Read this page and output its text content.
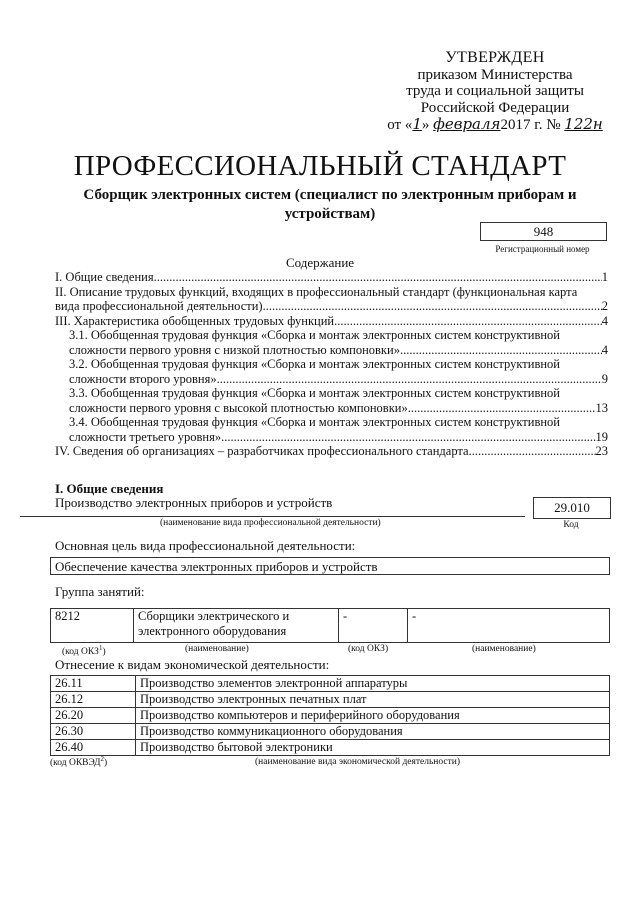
УТВЕРЖДЕН
приказом Министерства
труда и социальной защиты
Российской Федерации
от «1» февраля2017 г. № 122н
ПРОФЕССИОНАЛЬНЫЙ СТАНДАРТ
Сборщик электронных систем (специалист по электронным приборам и устройствам)
948
Регистрационный номер
Содержание
I. Общие сведения .....	1
II. Описание трудовых функций, входящих в профессиональный стандарт (функциональная карта
вида профессиональной деятельности) .....	2
III. Характеристика обобщенных трудовых функций .....	4
3.1. Обобщенная трудовая функция «Сборка и монтаж электронных систем конструктивной
сложности первого уровня с низкой плотностью компоновки» .....	4
3.2. Обобщенная трудовая функция «Сборка и монтаж электронных систем конструктивной
сложности второго уровня» .....	9
3.3. Обобщенная трудовая функция «Сборка и монтаж электронных систем конструктивной
сложности первого уровня с высокой плотностью компоновки» .....	13
3.4. Обобщенная трудовая функция «Сборка и монтаж электронных систем конструктивной
сложности третьего уровня» .....	19
IV. Сведения об организациях – разработчиках профессионального стандарта .....	23
I. Общие сведения
Производство электронных приборов и устройств
(наименование вида профессиональной деятельности)
29.010
Код
Основная цель вида профессиональной деятельности:
Обеспечение качества электронных приборов и устройств
Группа занятий:
8212	Сборщики электрического и электронного оборудования	-	-
(код ОКЗ$^1$)	(наименование)	(код ОКЗ)	(наименование)
Отнесение к видам экономической деятельности:
26.11	Производство элементов электронной аппаратуры
26.12	Производство электронных печатных плат
26.20	Производство компьютеров и периферийного оборудования
26.30	Производство коммуникационного оборудования
26.40	Производство бытовой электроники
(код ОКВЭД$^2$)	(наименование вида экономической деятельности)
